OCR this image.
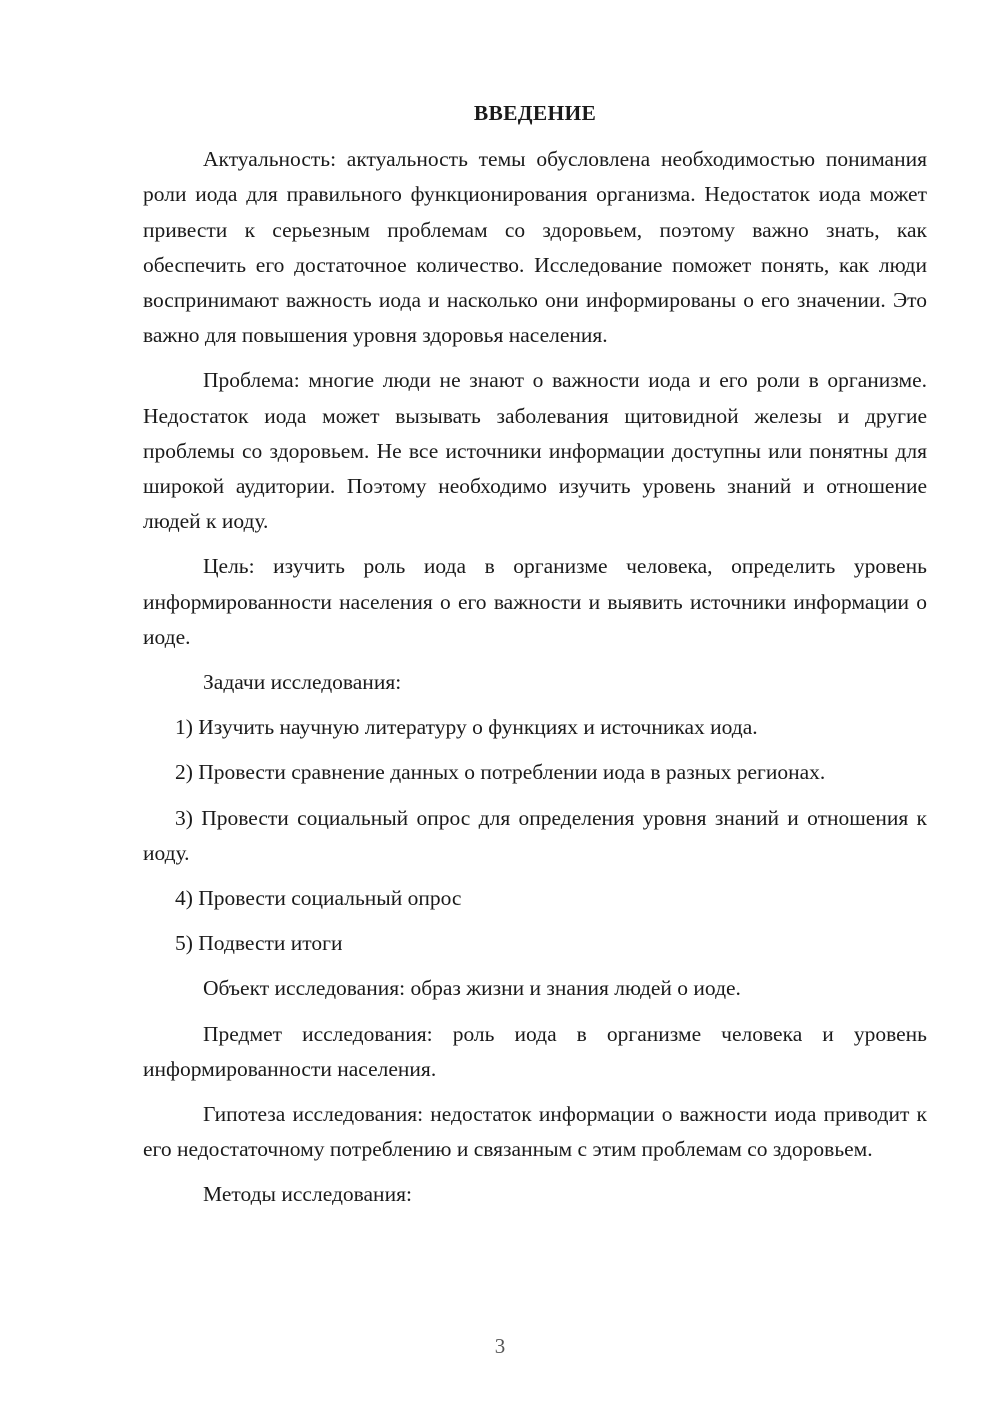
ВВЕДЕНИЕ

Актуальность: актуальность темы обусловлена необходимостью понимания роли иода для правильного функционирования организма. Недостаток иода может привести к серьезным проблемам со здоровьем, поэтому важно знать, как обеспечить его достаточное количество. Исследование поможет понять, как люди воспринимают важность иода и насколько они информированы о его значении. Это важно для повышения уровня здоровья населения.

Проблема: многие люди не знают о важности иода и его роли в организме. Недостаток иода может вызывать заболевания щитовидной железы и другие проблемы со здоровьем. Не все источники информации доступны или понятны для широкой аудитории. Поэтому необходимо изучить уровень знаний и отношение людей к иоду.

Цель: изучить роль иода в организме человека, определить уровень информированности населения о его важности и выявить источники информации о иоде.

Задачи исследования:

1) Изучить научную литературу о функциях и источниках иода.

2) Провести сравнение данных о потреблении иода в разных регионах.

3) Провести социальный опрос для определения уровня знаний и отношения к иоду.

4) Провести социальный опрос

5) Подвести итоги

Объект исследования: образ жизни и знания людей о иоде.

Предмет исследования: роль иода в организме человека и уровень информированности населения.

Гипотеза исследования: недостаток информации о важности иода приводит к его недостаточному потреблению и связанным с этим проблемам со здоровьем.

Методы исследования:

3
